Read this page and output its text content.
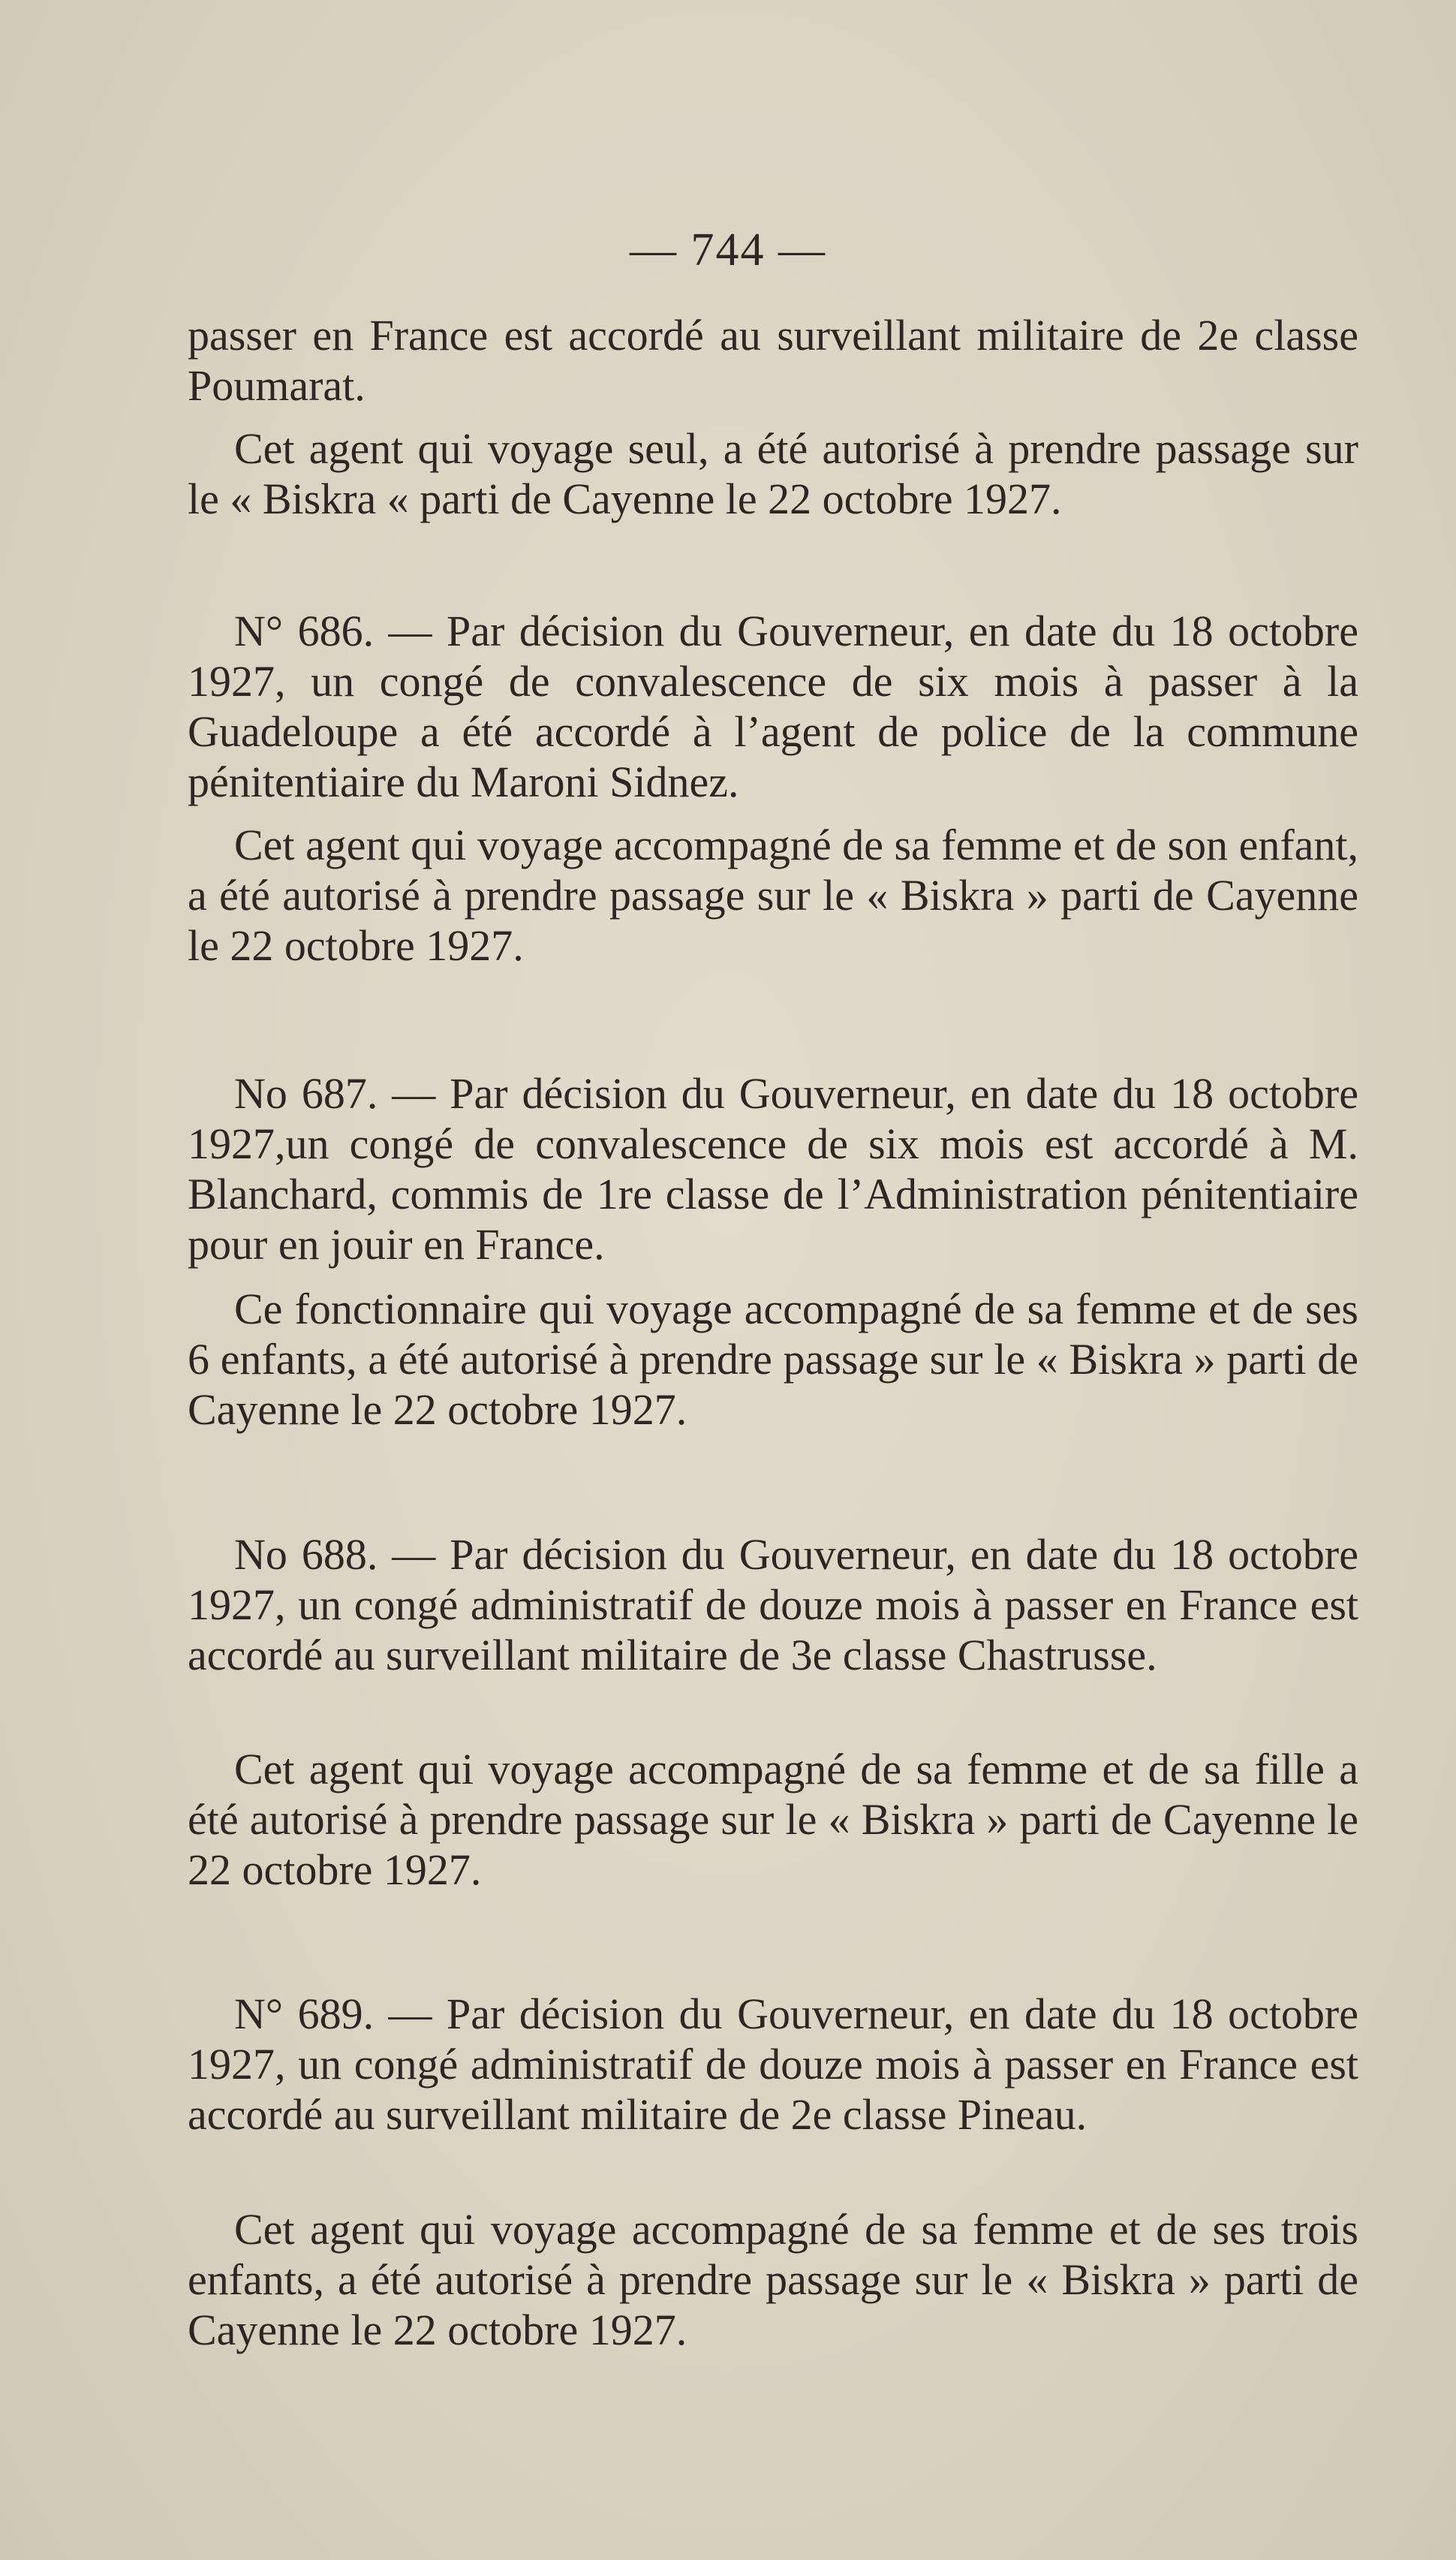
— 744 —

passer en France est accordé au surveillant militaire de 2e classe Poumarat.

Cet agent qui voyage seul, a été autorisé à prendre passage sur le « Biskra « parti de Cayenne le 22 octobre 1927.

N° 686. — Par décision du Gouverneur, en date du 18 octobre 1927, un congé de convalescence de six mois à passer à la Guadeloupe a été accordé à l’agent de police de la commune pénitentiaire du Maroni Sidnez.

Cet agent qui voyage accompagné de sa femme et de son enfant, a été autorisé à prendre passage sur le « Biskra » parti de Cayenne le 22 octobre 1927.

No 687. — Par décision du Gouverneur, en date du 18 octobre 1927,un congé de convalescence de six mois est accordé à M. Blanchard, commis de 1re classe de l’Administration pénitentiaire pour en jouir en France.

Ce fonctionnaire qui voyage accompagné de sa femme et de ses 6 enfants, a été autorisé à prendre passage sur le « Biskra » parti de Cayenne le 22 octobre 1927.

No 688. — Par décision du Gouverneur, en date du 18 octobre 1927, un congé administratif de douze mois à passer en France est accordé au surveillant militaire de 3e classe Chastrusse.

Cet agent qui voyage accompagné de sa femme et de sa fille a été autorisé à prendre passage sur le « Biskra » parti de Cayenne le 22 octobre 1927.

N° 689. — Par décision du Gouverneur, en date du 18 octobre 1927, un congé administratif de douze mois à passer en France est accordé au surveillant militaire de 2e classe Pineau.

Cet agent qui voyage accompagné de sa femme et de ses trois enfants, a été autorisé à prendre passage sur le « Biskra » parti de Cayenne le 22 octobre 1927.
